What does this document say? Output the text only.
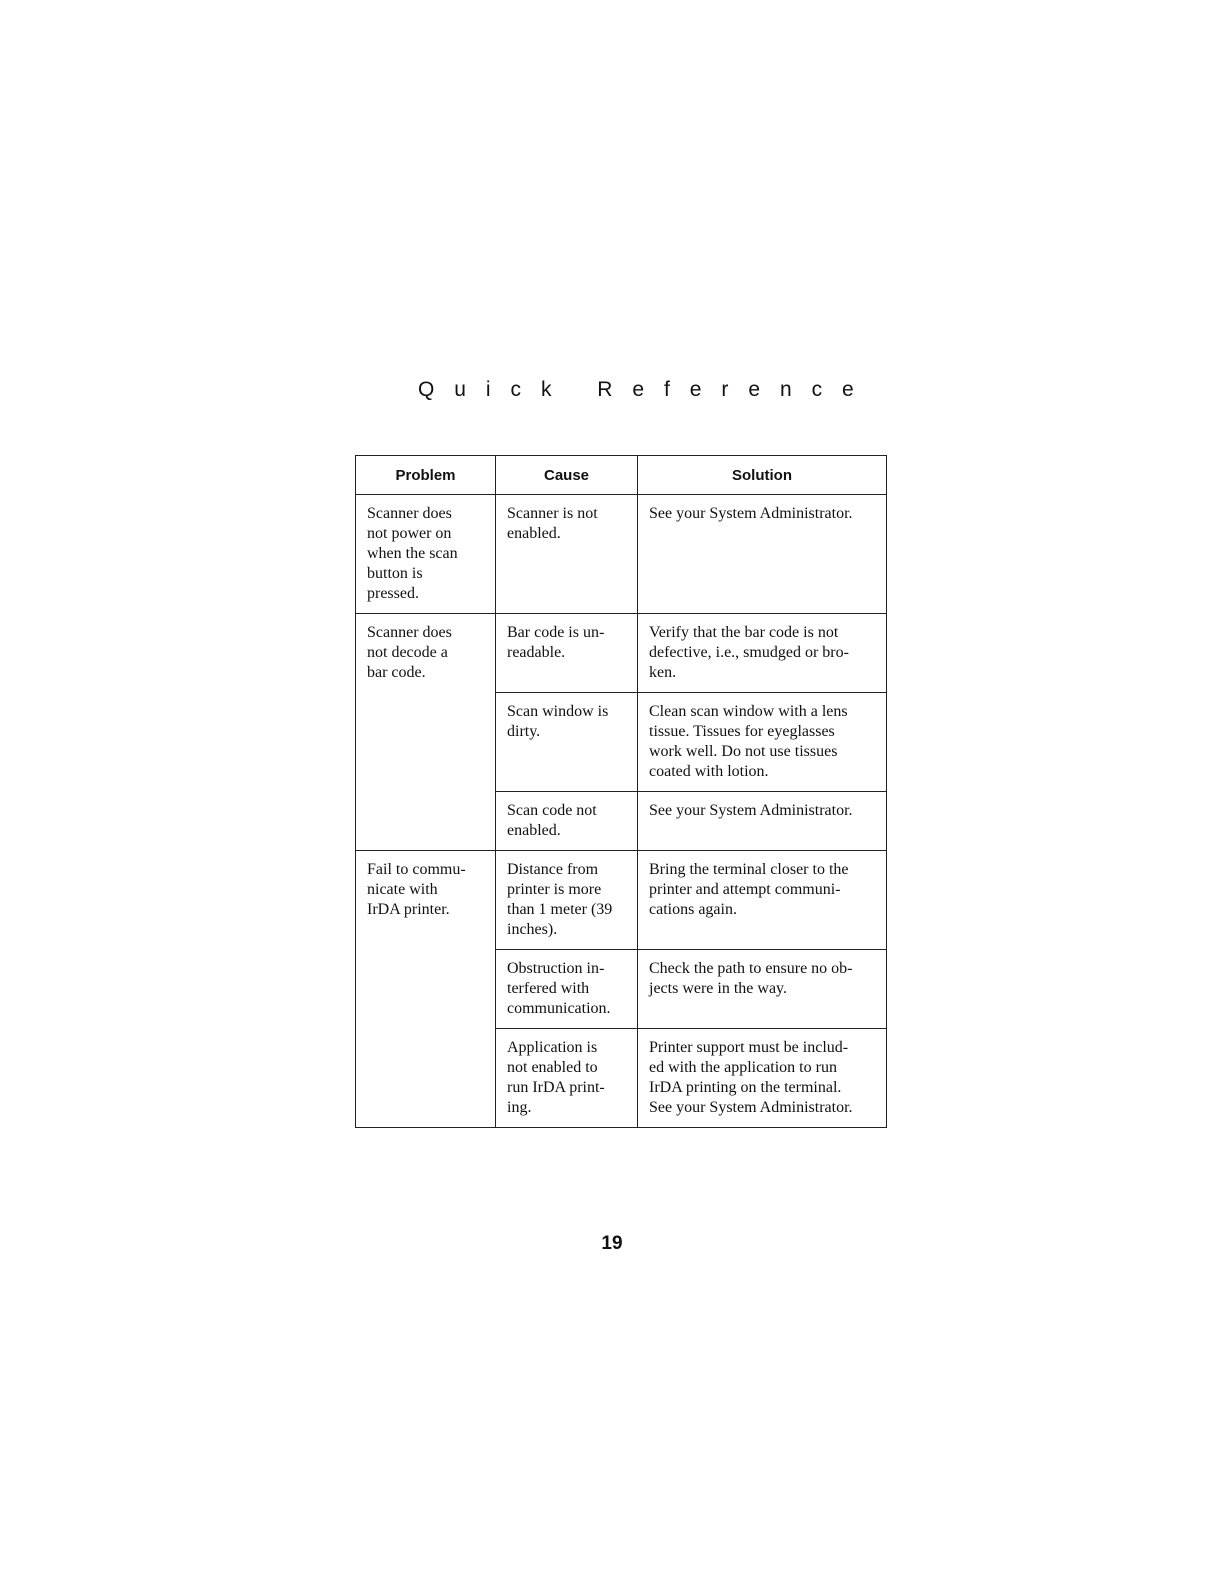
Quick Reference
Problem	Cause	Solution

Scanner does
not power on
when the scan
button is
pressed.	Scanner is not
enabled.	See your System Administrator.

Scanner does
not decode a
bar code.	Bar code is un-
readable.	Verify that the bar code is not
defective, i.e., smudged or bro-
ken.

	Scan window is
dirty.	Clean scan window with a lens
tissue. Tissues for eyeglasses
work well. Do not use tissues
coated with lotion.

	Scan code not
enabled.	See your System Administrator.

Fail to commu-
nicate with
IrDA printer.	Distance from
printer is more
than 1 meter (39
inches).	Bring the terminal closer to the
printer and attempt communi-
cations again.

	Obstruction in-
terfered with
communication.	Check the path to ensure no ob-
jects were in the way.

	Application is
not enabled to
run IrDA print-
ing.	Printer support must be includ-
ed with the application to run
IrDA printing on the terminal.
See your System Administrator.
19
